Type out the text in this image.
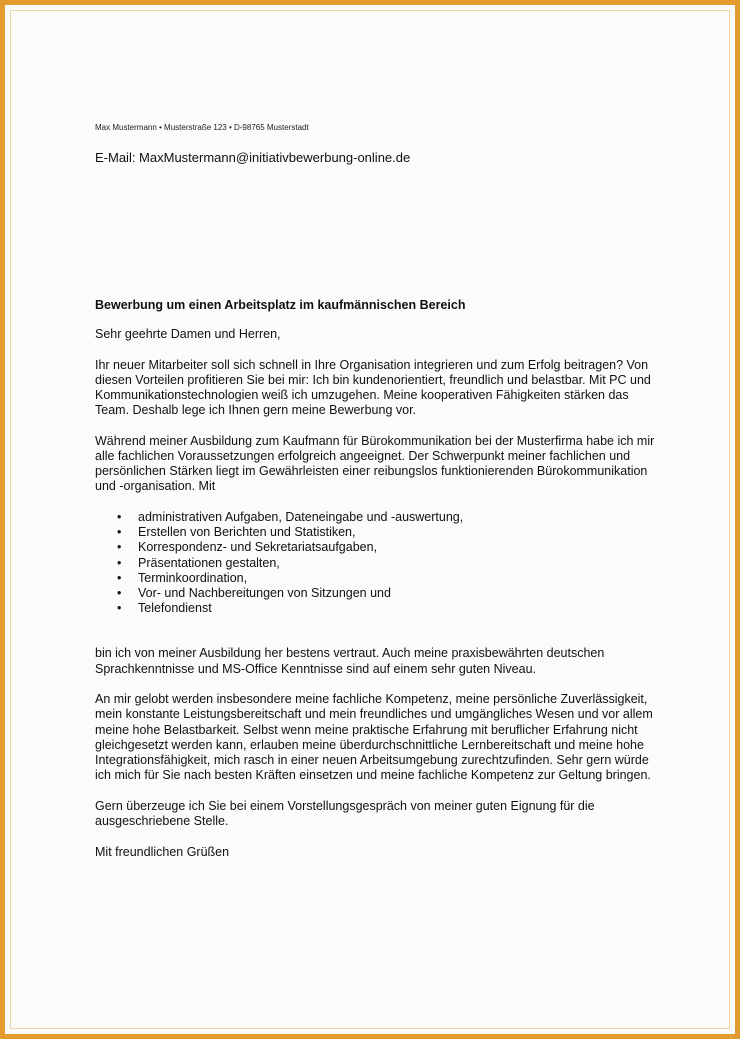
Max Mustermann • Musterstraße 123 • D-98765 Musterstadt
E-Mail: MaxMustermann@initiativbewerbung-online.de
Bewerbung um einen Arbeitsplatz im kaufmännischen Bereich

Sehr geehrte Damen und Herren,

Ihr neuer Mitarbeiter soll sich schnell in Ihre Organisation integrieren und zum Erfolg beitragen? Von diesen Vorteilen profitieren Sie bei mir: Ich bin kundenorientiert, freundlich und belastbar. Mit PC und Kommunikationstechnologien weiß ich umzugehen. Meine kooperativen Fähigkeiten stärken das Team. Deshalb lege ich Ihnen gern meine Bewerbung vor.

Während meiner Ausbildung zum Kaufmann für Bürokommunikation bei der Musterfirma habe ich mir alle fachlichen Voraussetzungen erfolgreich angeeignet. Der Schwerpunkt meiner fachlichen und persönlichen Stärken liegt im Gewährleisten einer reibungslos funktionierenden Bürokommunikation und -organisation. Mit

• administrativen Aufgaben, Dateneingabe und -auswertung,
• Erstellen von Berichten und Statistiken,
• Korrespondenz- und Sekretariatsaufgaben,
• Präsentationen gestalten,
• Terminkoordination,
• Vor- und Nachbereitungen von Sitzungen und
• Telefondienst

bin ich von meiner Ausbildung her bestens vertraut. Auch meine praxisbewährten deutschen Sprachkenntnisse und MS-Office Kenntnisse sind auf einem sehr guten Niveau.

An mir gelobt werden insbesondere meine fachliche Kompetenz, meine persönliche Zuverlässigkeit, mein konstante Leistungsbereitschaft und mein freundliches und umgängliches Wesen und vor allem meine hohe Belastbarkeit. Selbst wenn meine praktische Erfahrung mit beruflicher Erfahrung nicht gleichgesetzt werden kann, erlauben meine überdurchschnittliche Lernbereitschaft und meine hohe Integrationsfähigkeit, mich rasch in einer neuen Arbeitsumgebung zurechtzufinden. Sehr gern würde ich mich für Sie nach besten Kräften einsetzen und meine fachliche Kompetenz zur Geltung bringen.

Gern überzeuge ich Sie bei einem Vorstellungsgespräch von meiner guten Eignung für die ausgeschriebene Stelle.

Mit freundlichen Grüßen
